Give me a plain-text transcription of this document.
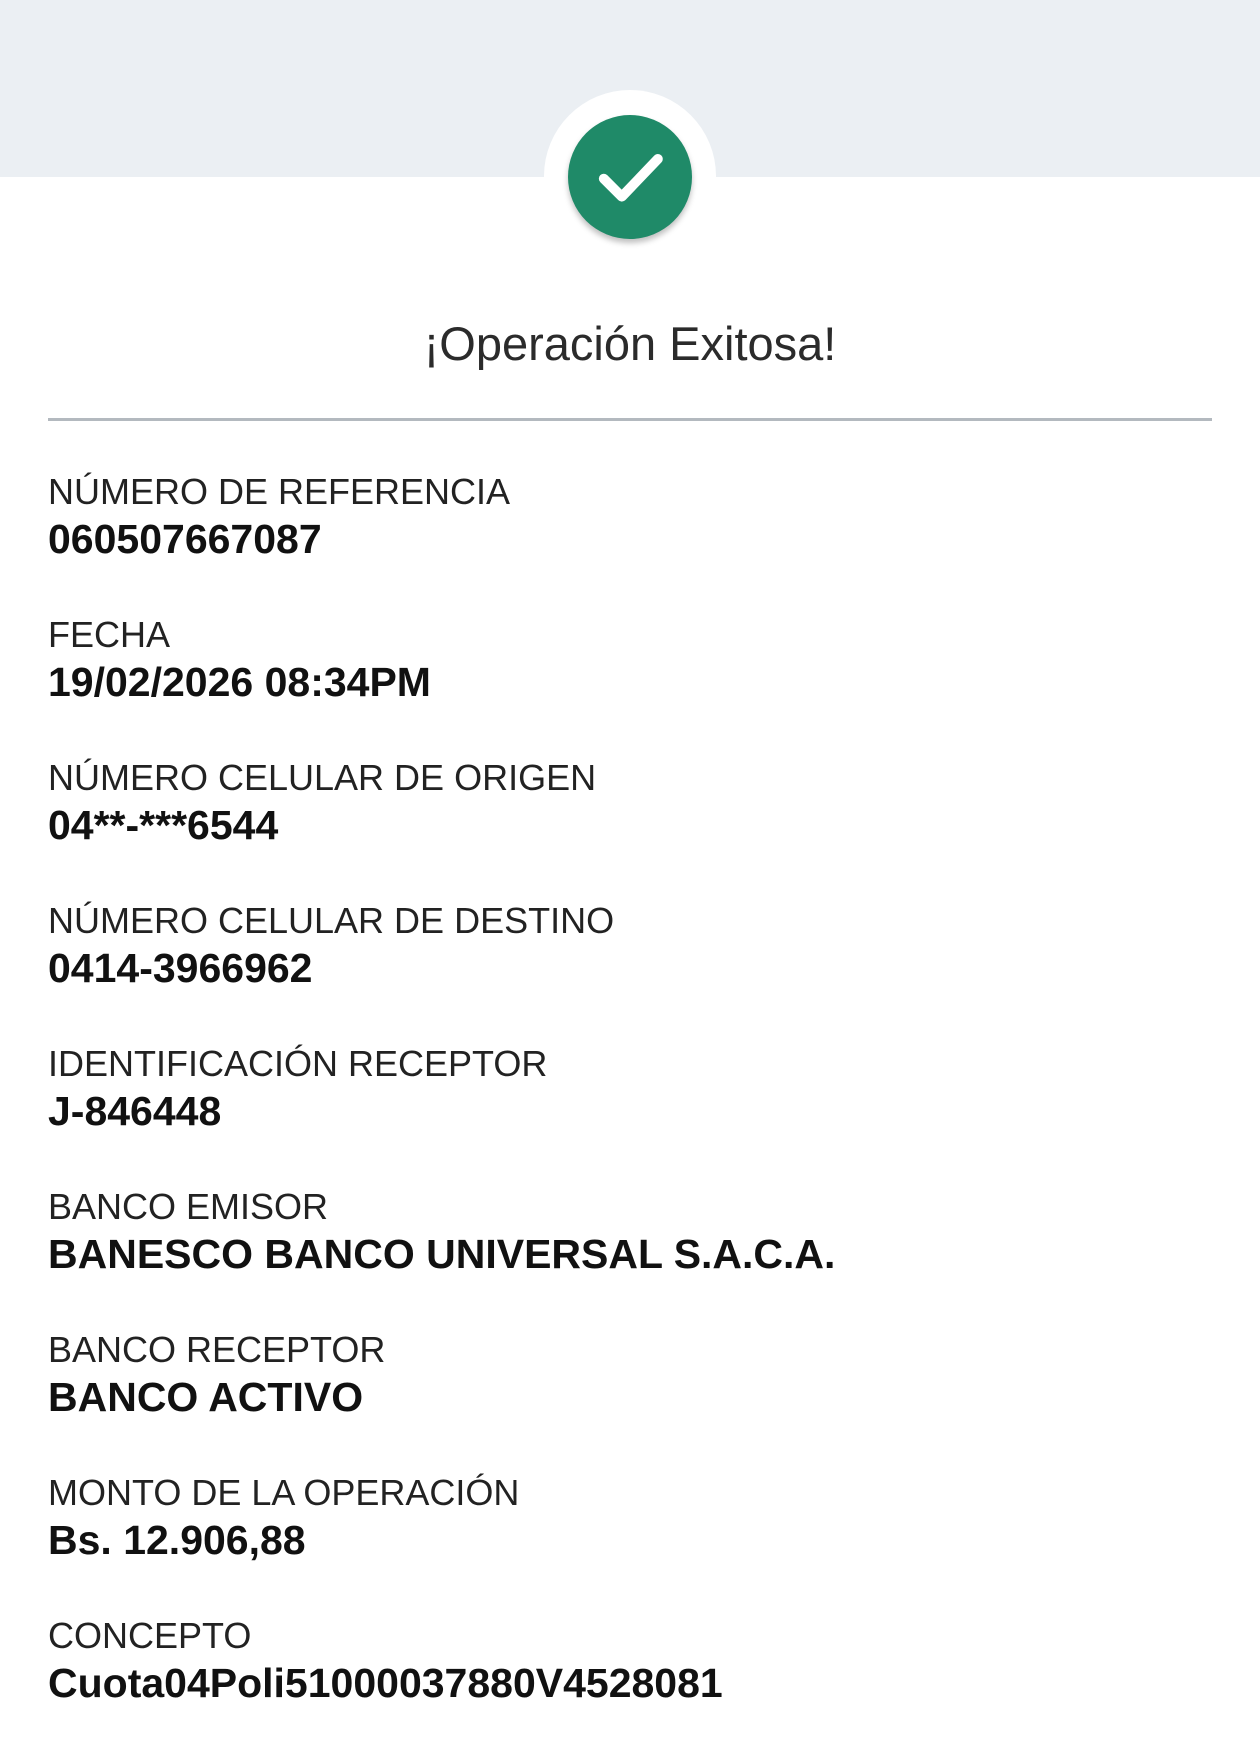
¡Operación Exitosa!
NÚMERO DE REFERENCIA
060507667087
FECHA
19/02/2026 08:34PM
NÚMERO CELULAR DE ORIGEN
04**-***6544
NÚMERO CELULAR DE DESTINO
0414-3966962
IDENTIFICACIÓN RECEPTOR
J-846448
BANCO EMISOR
BANESCO BANCO UNIVERSAL S.A.C.A.
BANCO RECEPTOR
BANCO ACTIVO
MONTO DE LA OPERACIÓN
Bs. 12.906,88
CONCEPTO
Cuota04Poli51000037880V4528081
